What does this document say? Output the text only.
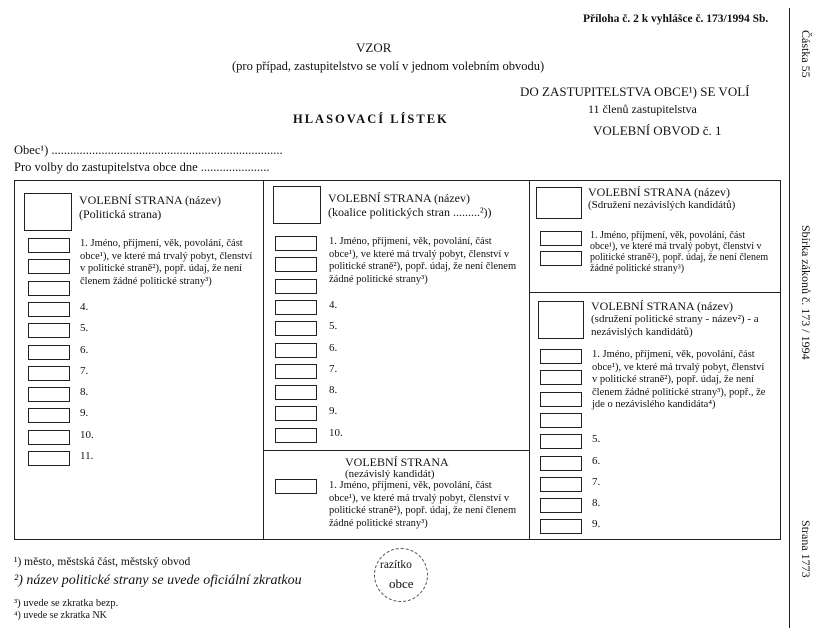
Příloha č. 2 k vyhlášce č. 173/1994 Sb.
VZOR
(pro případ, zastupitelstvo se volí v jednom volebním obvodu)
DO ZASTUPITELSTVA OBCE¹) SE VOLÍ
11 členů zastupitelstva
HLASOVACÍ LÍSTEK
VOLEBNÍ OBVOD č. 1
Obec¹) ..........................................................................
Pro volby do zastupitelstva obce dne ......................
Částka 55
Sbírka zákonů č. 173 / 1994
Strana 1773
VOLEBNÍ STRANA (název)
(Politická strana)
1. Jméno, příjmení, věk, povolání, část obce¹), ve které má trvalý pobyt, členství v politické straně²), popř. údaj, že není členem žádné politické strany³)
4.
5.
6.
7.
8.
9.
10.
11.
VOLEBNÍ STRANA (název)
(koalice politických stran .........²))
1. Jméno, příjmení, věk, povolání, část obce¹), ve které má trvalý pobyt, členství v politické straně²), popř. údaj, že není členem žádné politické strany³)
4.
5.
6.
7.
8.
9.
10.
VOLEBNÍ STRANA
(nezávislý kandidát)
1. Jméno, příjmení, věk, povolání, část obce¹), ve které má trvalý pobyt, členství v politické straně²), popř. údaj, že není členem žádné politické strany³)
VOLEBNÍ STRANA (název)
(Sdružení nezávislých kandidátů)
1. Jméno, příjmení, věk, povolání, část obce¹), ve které má trvalý pobyt, členství v politické straně²), popř. údaj, že není členem žádné politické strany³)
VOLEBNÍ STRANA (název)
(sdružení politické strany - název²) - a nezávislých kandidátů)
1. Jméno, příjmení, věk, povolání, část obce¹), ve které má trvalý pobyt, členství v politické straně²), popř. údaj, že není členem žádné politické strany³), popř., že jde o nezávislého kandidáta⁴)
5.
6.
7.
8.
9.
¹) město, městská část, městský obvod
²) název politické strany se uvede oficiální zkratkou
³) uvede se zkratka bezp.
⁴) uvede se zkratka NK
razítko
obce
